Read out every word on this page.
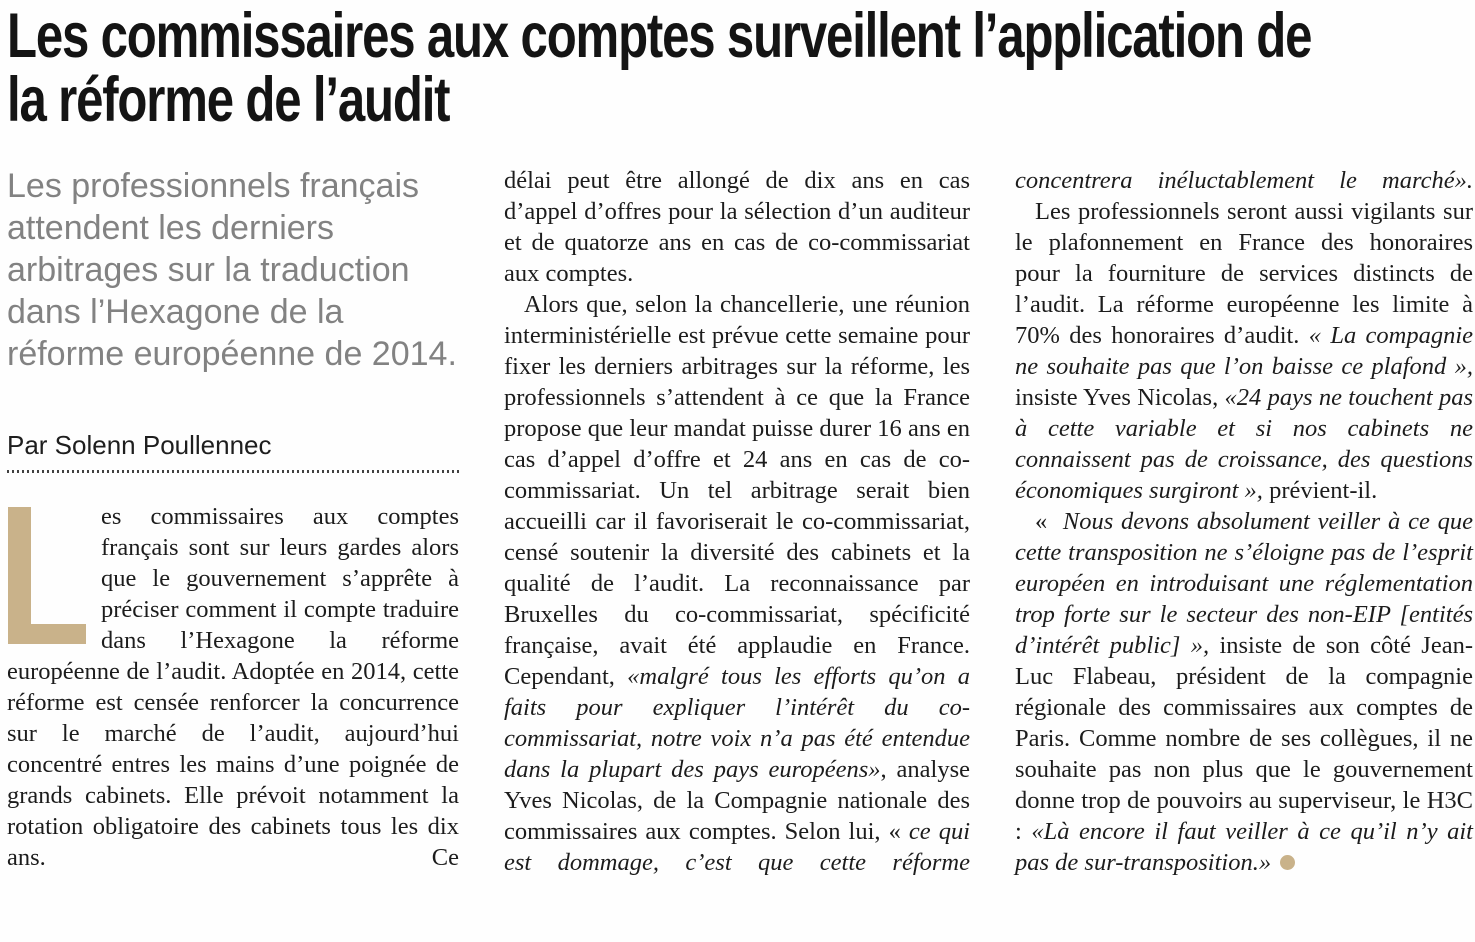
Les commissaires aux comptes surveillent l’application de
la réforme de l’audit

Les professionnels français attendent les derniers arbitrages sur la traduction dans l’Hexagone de la réforme européenne de 2014.

Par Solenn Poullennec

es commissaires aux comptes français sont sur leurs gardes alors que le gouvernement s’apprête à préciser comment il compte traduire dans l’Hexagone la réforme européenne de l’audit. Adoptée en 2014, cette réforme est censée renforcer la concurrence sur le marché de l’audit, aujourd’hui concentré entres les mains d’une poignée de grands cabinets. Elle prévoit notamment la rotation obligatoire des cabinets tous les dix ans. Ce

délai peut être allongé de dix ans en cas d’appel d’offres pour la sélection d’un auditeur et de quatorze ans en cas de co-commissariat aux comptes.

Alors que, selon la chancellerie, une réunion interministérielle est prévue cette semaine pour fixer les derniers arbitrages sur la réforme, les professionnels s’attendent à ce que la France propose que leur mandat puisse durer 16 ans en cas d’appel d’offre et 24 ans en cas de co-commissariat. Un tel arbitrage serait bien accueilli car il favoriserait le co-commissariat, censé soutenir la diversité des cabinets et la qualité de l’audit. La reconnaissance par Bruxelles du co-commissariat, spécificité française, avait été applaudie en France. Cependant, «malgré tous les efforts qu’on a faits pour expliquer l’intérêt du co-commissariat, notre voix n’a pas été entendue dans la plupart des pays européens», analyse Yves Nicolas, de la Compagnie nationale des commissaires aux comptes. Selon lui, « ce qui est dommage, c’est que cette réforme

concentrera inéluctablement le marché».

Les professionnels seront aussi vigilants sur le plafonnement en France des honoraires pour la fourniture de services distincts de l’audit. La réforme européenne les limite à 70% des honoraires d’audit. « La compagnie ne souhaite pas que l’on baisse ce plafond », insiste Yves Nicolas, «24 pays ne touchent pas à cette variable et si nos cabinets ne connaissent pas de croissance, des questions économiques surgiront », prévient-il.

«  Nous devons absolument veiller à ce que cette transposition ne s’éloigne pas de l’esprit européen en introduisant une réglementation trop forte sur le secteur des non-EIP [entités d’intérêt public] », insiste de son côté Jean-Luc Flabeau, président de la compagnie régionale des commissaires aux comptes de Paris. Comme nombre de ses collègues, il ne souhaite pas non plus que le gouvernement donne trop de pouvoirs au superviseur, le H3C : «Là encore il faut veiller à ce qu’il n’y ait pas de sur-transposition.»
